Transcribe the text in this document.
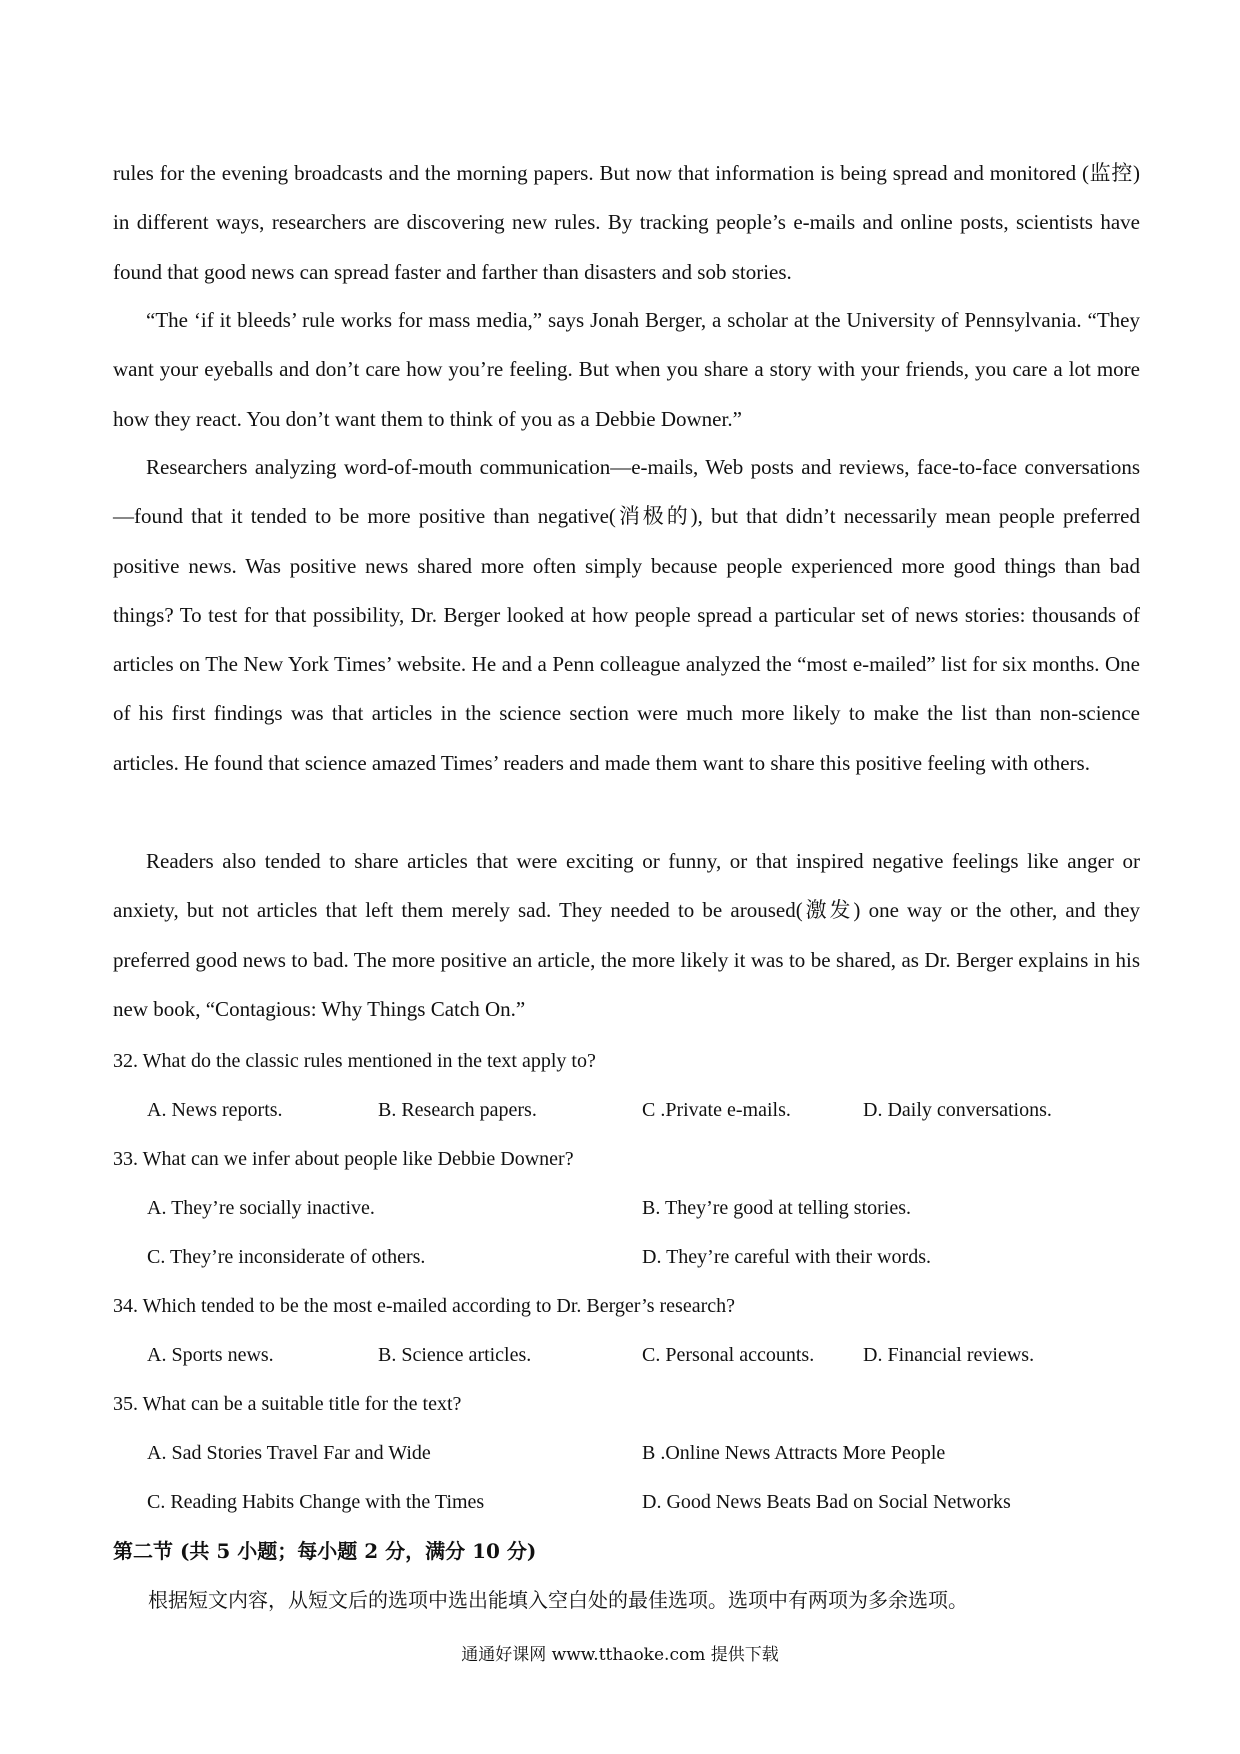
rules for the evening broadcasts and the morning papers. But now that information is being spread and monitored (监控) in different ways, researchers are discovering new rules. By tracking people’s e-mails and online posts, scientists have found that good news can spread faster and farther than disasters and sob stories.

“The ‘if it bleeds’ rule works for mass media,” says Jonah Berger, a scholar at the University of Pennsylvania. “They want your eyeballs and don’t care how you’re feeling. But when you share a story with your friends, you care a lot more how they react. You don’t want them to think of you as a Debbie Downer.”

Researchers analyzing word-of-mouth communication—e-mails, Web posts and reviews, face-to-face conversations—found that it tended to be more positive than negative(消极的), but that didn’t necessarily mean people preferred positive news. Was positive news shared more often simply because people experienced more good things than bad things? To test for that possibility, Dr. Berger looked at how people spread a particular set of news stories: thousands of articles on The New York Times’ website. He and a Penn colleague analyzed the “most e-mailed” list for six months. One of his first findings was that articles in the science section were much more likely to make the list than non-science articles. He found that science amazed Times’ readers and made them want to share this positive feeling with others.

Readers also tended to share articles that were exciting or funny, or that inspired negative feelings like anger or anxiety, but not articles that left them merely sad. They needed to be aroused(激发) one way or the other, and they preferred good news to bad. The more positive an article, the more likely it was to be shared, as Dr. Berger explains in his new book, “Contagious: Why Things Catch On.”

32. What do the classic rules mentioned in the text apply to?

A. News reports.	B. Research papers.	C .Private e-mails.	D. Daily conversations.

33. What can we infer about people like Debbie Downer?

A. They’re socially inactive.	B. They’re good at telling stories.

C. They’re inconsiderate of others.	D. They’re careful with their words.

34. Which tended to be the most e-mailed according to Dr. Berger’s research?

A. Sports news.	B. Science articles.	C. Personal accounts. D. Financial reviews.

35. What can be a suitable title for the text?

A. Sad Stories Travel Far and Wide	B .Online News Attracts More People

C. Reading Habits Change with the Times	D. Good News Beats Bad on Social Networks

第二节 (共 5 小题；每小题 2 分，满分 10 分)

根据短文内容，从短文后的选项中选出能填入空白处的最佳选项。选项中有两项为多余选项。

通通好课网 www.tthaoke.com 提供下载
